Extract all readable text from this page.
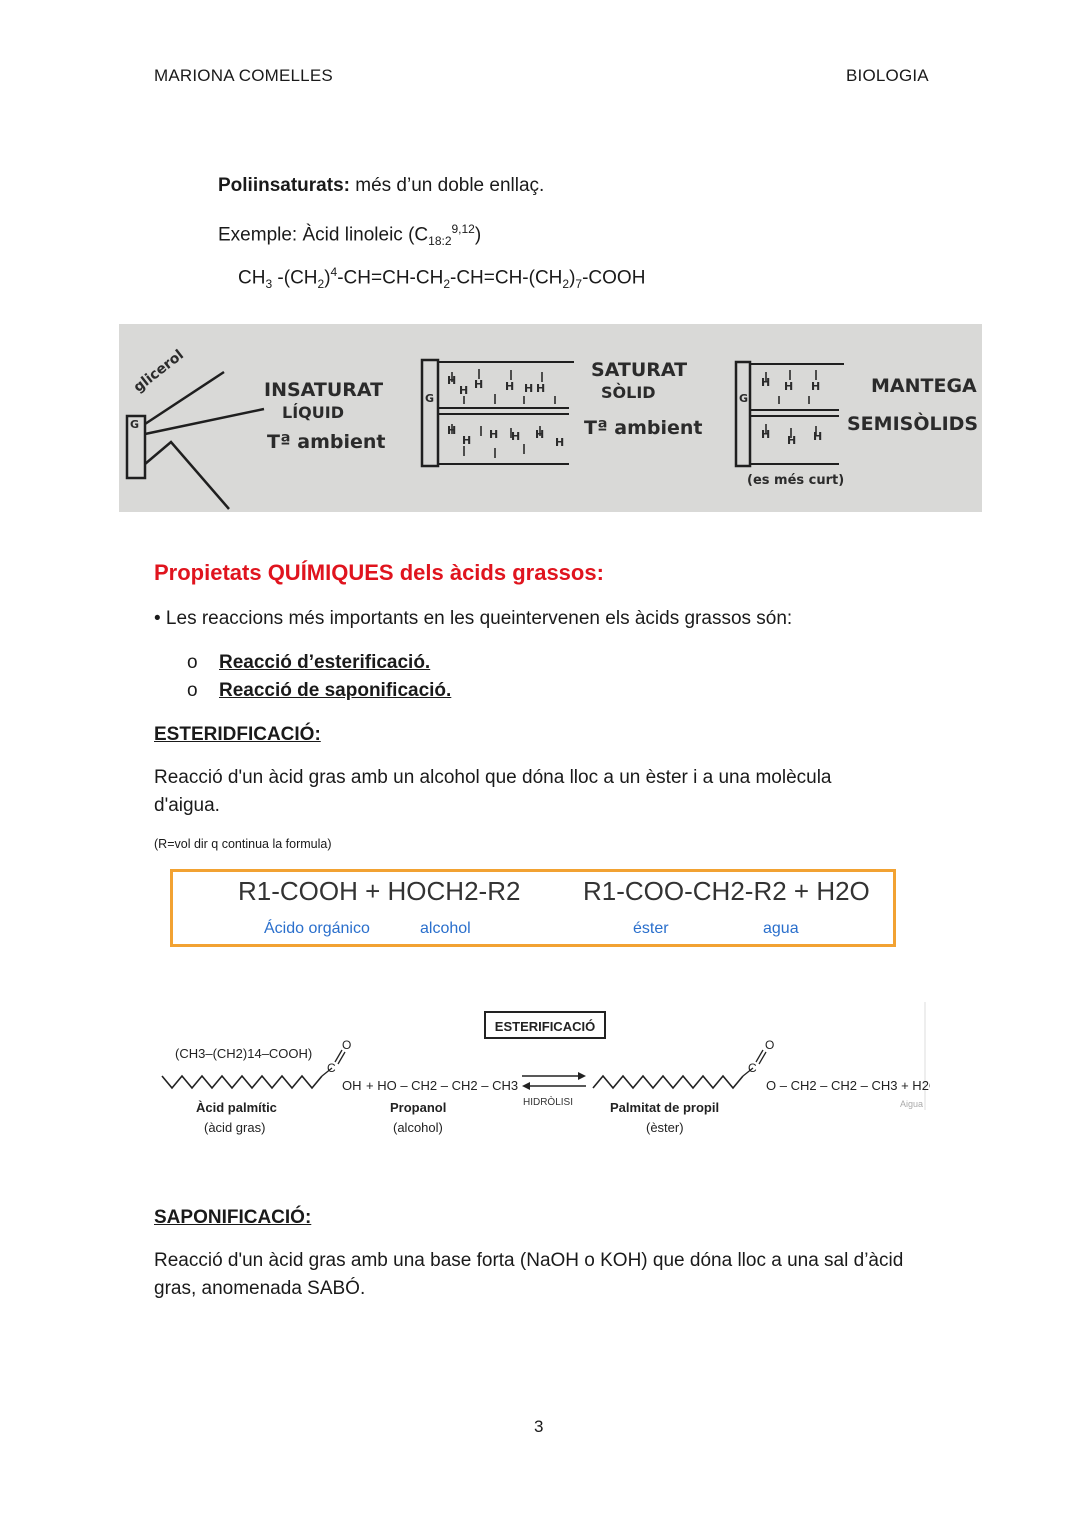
MARIONA COMELLES	BIOLOGIA
Poliinsaturats: més d’un doble enllaç.
Exemple: Àcid linoleic $(C_{18:2}^{9,12})$
$CH_3$ $-(CH_2)^4-CH=CH-CH_2-CH=CH-(CH_2)_7$-COOH
glicerol
G
INSATURAT
LÍQUID
Tª ambient
G
H H H H
H	H
H
H H H H
H
SATURAT
SÒLID
Tª ambient
G
H H H
H H H
MANTEGA
SEMISÒLIDS
(es més curt)
Propietats QUÍMIQUES dels àcids grassos:
• Les reaccions més importants en les queintervenen els àcids grassos són:
o Reacció d’esterificació.
o Reacció de saponificació.
ESTERIDFICACIÓ:
Reacció d'un àcid gras amb un alcohol que dóna lloc a un èster i a una molècula
d'aigua.
(R=vol dir q continua la formula)
R1-COOH + HOCH2-R2 R1-COO-CH2-R2 + H2O
Ácido orgánico	alcohol	éster	agua
ESTERIFICACIÓ
(CH3–(CH2)14–COOH)
O
C
OH + HO – CH2 – CH2 – CH3
HIDRÒLISI
O
C
O – CH2 – CH2 – CH3 + H2O
Àcid palmític
(àcid gras)
Propanol
(alcohol)
Palmitat de propil
(èster)
Aigua
SAPONIFICACIÓ:
Reacció d'un àcid gras amb una base forta (NaOH o KOH) que dóna lloc a una sal d’àcid
gras, anomenada SABÓ.
3
